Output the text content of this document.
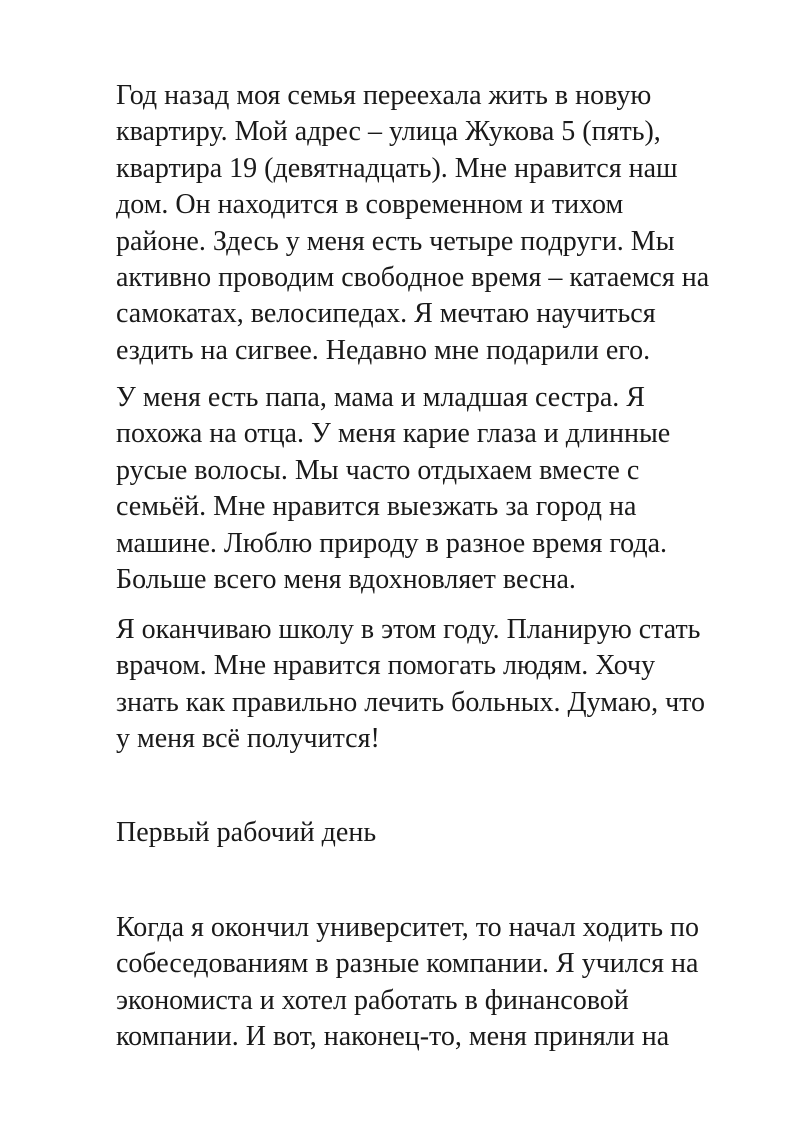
Год назад моя семья переехала жить в новую
квартиру. Мой адрес – улица Жукова 5 (пять),
квартира 19 (девятнадцать). Мне нравится наш
дом. Он находится в современном и тихом
районе. Здесь у меня есть четыре подруги. Мы
активно проводим свободное время – катаемся на
самокатах, велосипедах. Я мечтаю научиться
ездить на сигвее. Недавно мне подарили его.

У меня есть папа, мама и младшая сестра. Я
похожа на отца. У меня карие глаза и длинные
русые волосы. Мы часто отдыхаем вместе с
семьёй. Мне нравится выезжать за город на
машине. Люблю природу в разное время года.
Больше всего меня вдохновляет весна.

Я оканчиваю школу в этом году. Планирую стать
врачом. Мне нравится помогать людям. Хочу
знать как правильно лечить больных. Думаю, что
у меня всё получится!

Первый рабочий день

Когда я окончил университет, то начал ходить по
собеседованиям в разные компании. Я учился на
экономиста и хотел работать в финансовой
компании. И вот, наконец-то, меня приняли на
